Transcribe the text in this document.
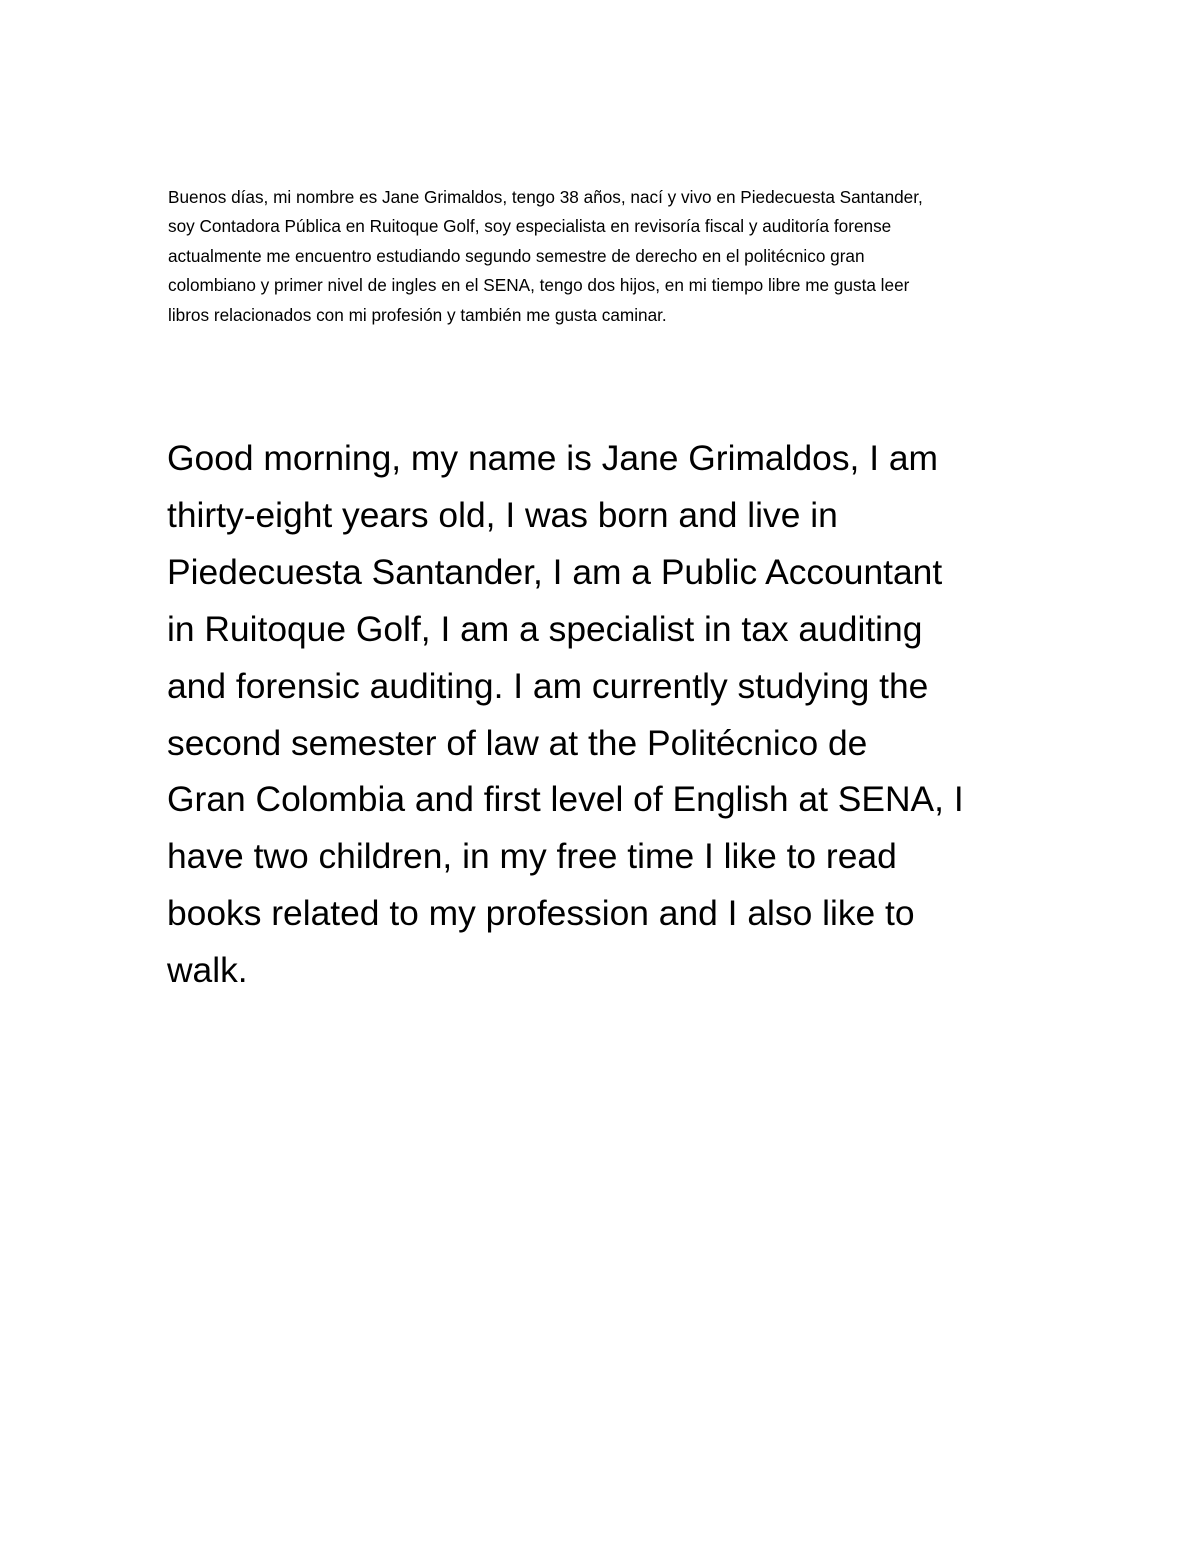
Buenos días, mi nombre es Jane Grimaldos, tengo 38 años, nací y vivo en Piedecuesta Santander,
soy Contadora Pública en Ruitoque Golf, soy especialista en revisoría fiscal y auditoría forense
actualmente me encuentro estudiando segundo semestre de derecho en el politécnico gran
colombiano y primer nivel de ingles en el SENA, tengo dos hijos, en mi tiempo libre me gusta leer
libros relacionados con mi profesión y también me gusta caminar.

Good morning, my name is Jane Grimaldos, I am
thirty-eight years old, I was born and live in
Piedecuesta Santander, I am a Public Accountant
in Ruitoque Golf, I am a specialist in tax auditing
and forensic auditing. I am currently studying the
second semester of law at the Politécnico de
Gran Colombia and first level of English at SENA, I
have two children, in my free time I like to read
books related to my profession and I also like to
walk.
